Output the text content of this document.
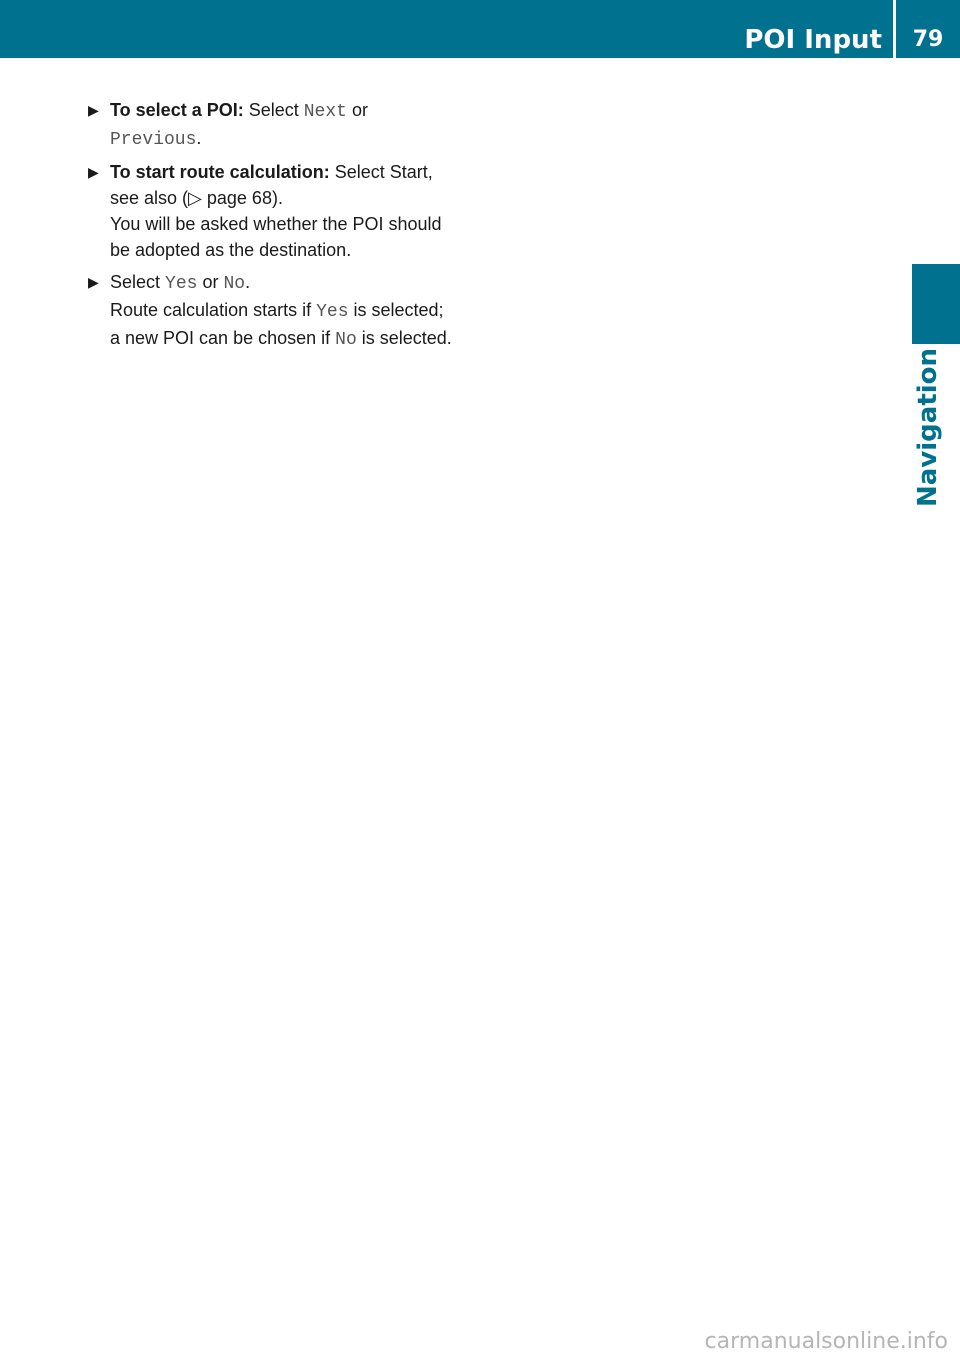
POI Input	79
Navigation
▶ To select a POI: Select Next or
Previous.
▶ To start route calculation: Select Start,
see also (▷ page 68).
You will be asked whether the POI should
be adopted as the destination.
▶ Select Yes or No.
Route calculation starts if Yes is selected;
a new POI can be chosen if No is selected.
carmanualsonline.info
